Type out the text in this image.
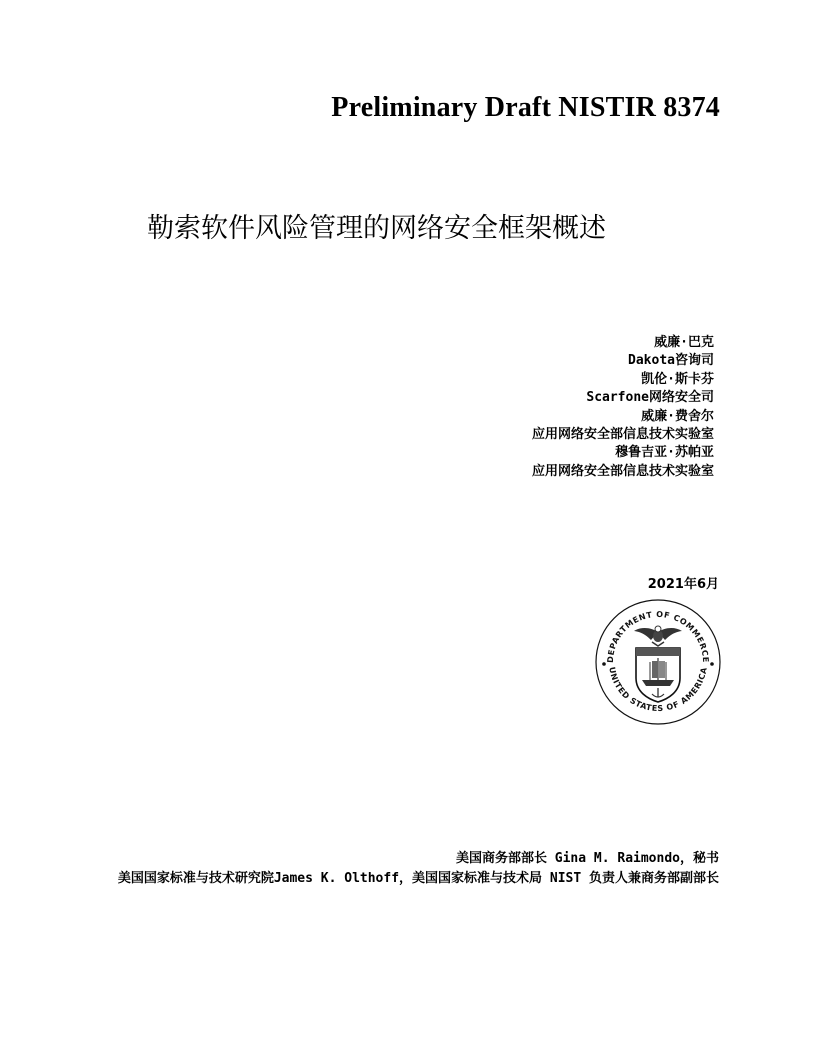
Preliminary Draft NISTIR 8374
勒索软件风险管理的网络安全框架概述
威廉·巴克
Dakota咨询司
凯伦·斯卡芬
Scarfone网络安全司
威廉·费舍尔
应用网络安全部信息技术实验室
穆鲁吉亚·苏帕亚
应用网络安全部信息技术实验室
2021年6月
DEPARTMENT OF COMMERCE
UNITED STATES OF AMERICA
美国商务部部长 Gina M. Raimondo，秘书
美国国家标准与技术研究院James K. Olthoff，美国国家标准与技术局 NIST 负责人兼商务部副部长
